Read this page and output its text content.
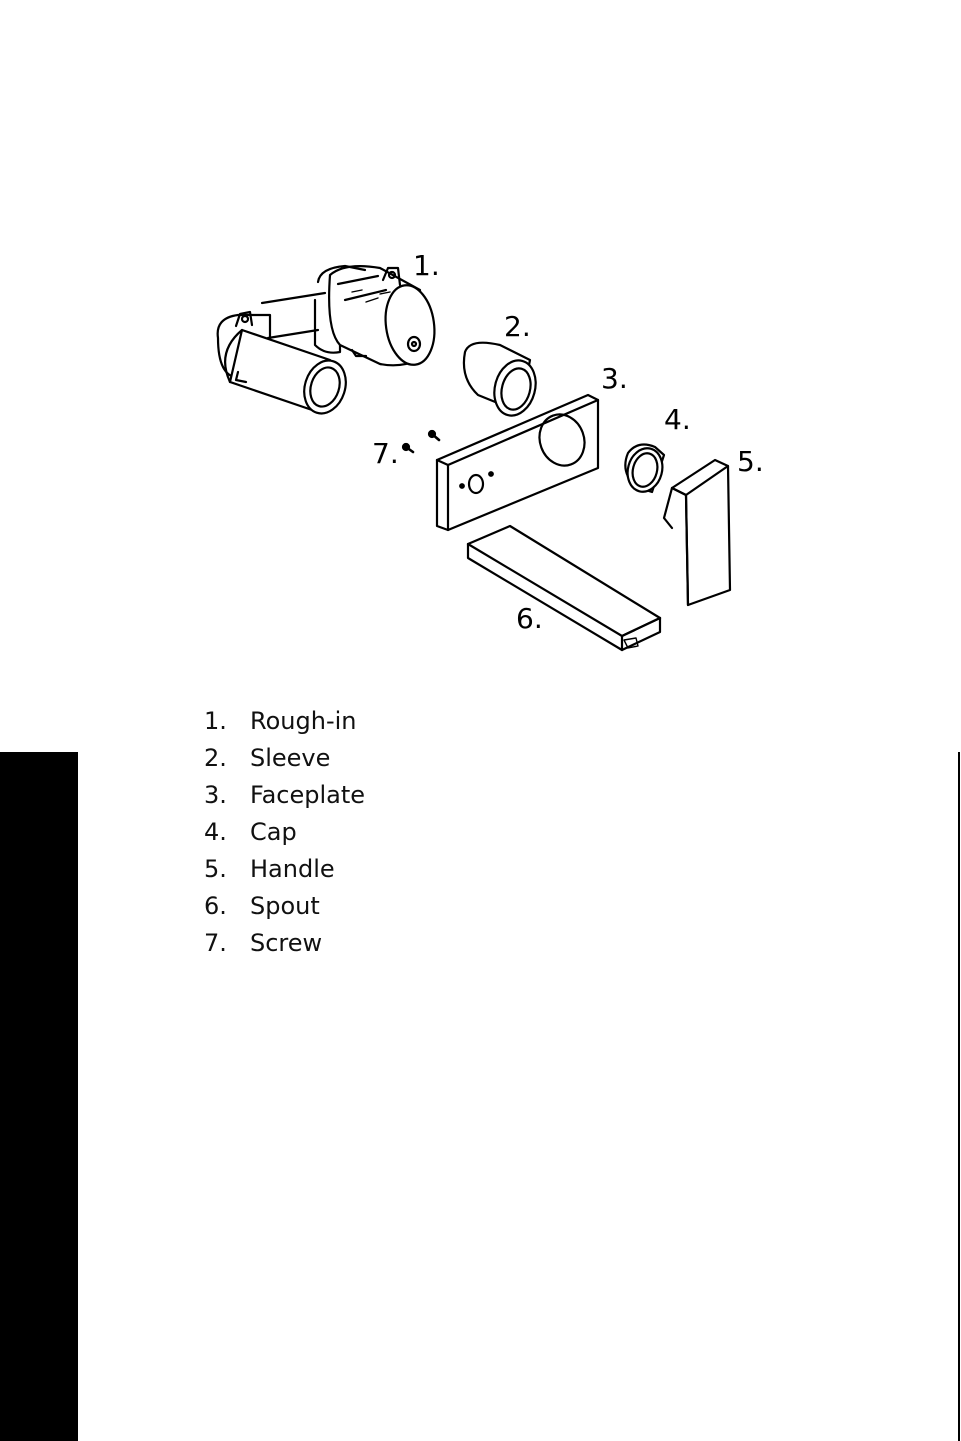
1.
2.
3.
4.
5.
6.
7.
1. Rough-in
2. Sleeve
3. Faceplate
4. Cap
5. Handle
6. Spout
7. Screw
